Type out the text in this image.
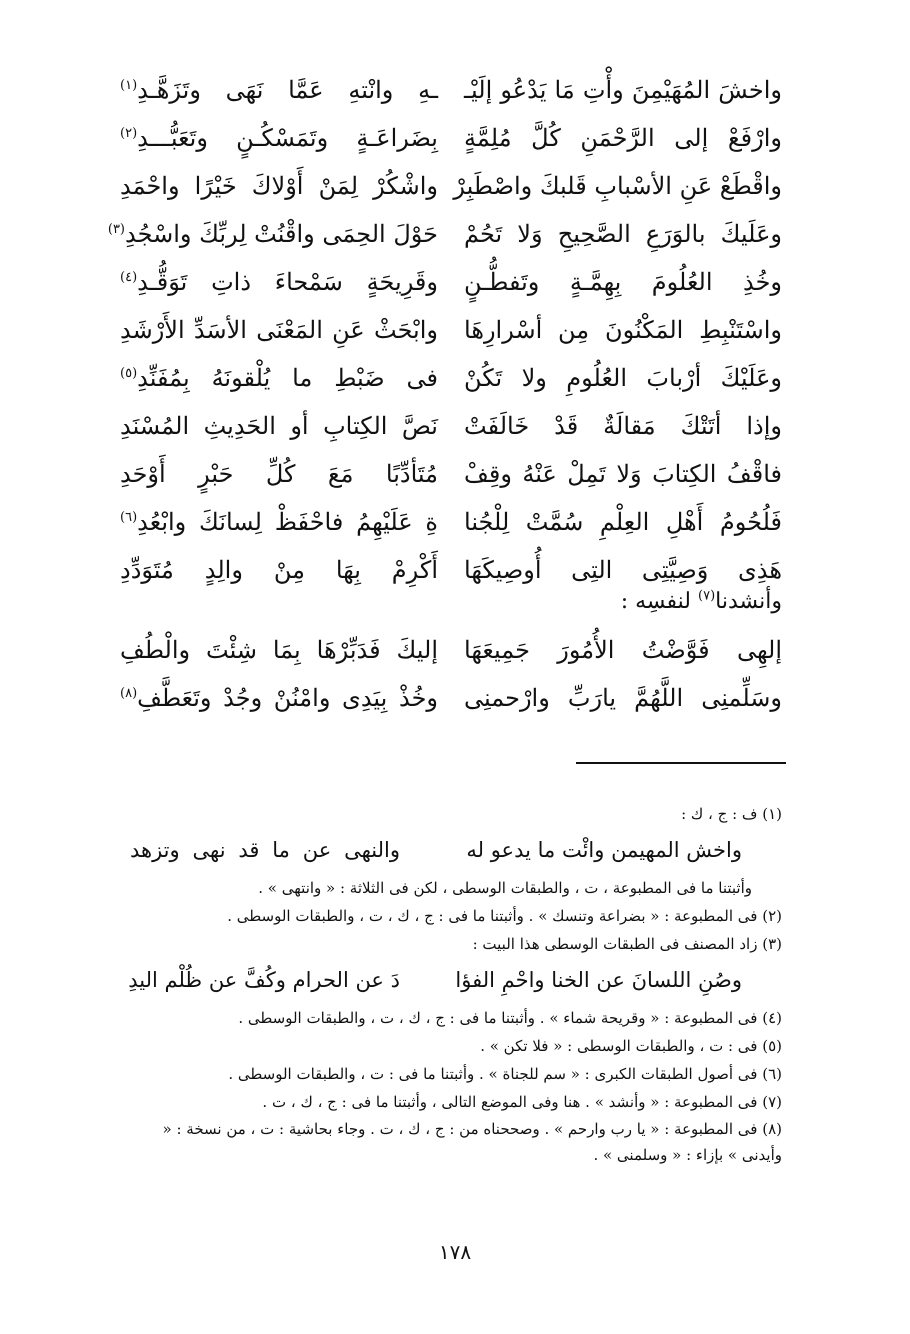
واخشَ المُهَيْمِنَ وأْتِ مَا يَدْعُو إلَيْـ
ـهِ وانْتهِ عَمَّا نَهَى وتَزَهَّـدِ$^{(١)}$
وارْفَعْ إلى الرَّحْمَنِ كُلَّ مُلِمَّةٍ
بِضَراعَـةٍ وتَمَسْكُـنٍ وتَعَبُّـــدِ$^{(٢)}$
واقْطَعْ عَنِ الأسْبابِ قَلبكَ واصْطَبِرْ
واشْكُرْ لِمَنْ أَوْلاكَ خَيْرًا واحْمَدِ
وعَلَيكَ بالوَرَعِ الصَّحِيحِ وَلا تَحُمْ
حَوْلَ الحِمَى واقْنُتْ لِربِّكَ واسْجُدِ$^{(٣)}$
وخُذِ العُلُومَ بِهِمَّـةٍ وتَفطُّـنٍ
وقَرِيحَةٍ سَمْحاءَ ذاتِ تَوَقُّـدِ$^{(٤)}$
واسْتَنْبِطِ المَكْنُونَ مِن أسْرارِهَا
وابْحَثْ عَنِ المَعْنَى الأسَدِّ الأَرْشَدِ
وعَلَيْكَ أرْبابَ العُلُومِ ولا تَكُنْ
فى ضَبْطِ ما يُلْقونَهُ بِمُفَنِّدِ$^{(٥)}$
وإذا أتَتْكَ مَقالَةٌ قَدْ خَالَفَتْ
نَصَّ الكِتابِ أو الحَدِيثِ المُسْنَدِ
فاقْفُ الكِتابَ وَلا تَمِلْ عَنْهُ وقِفْ
مُتَأدِّبًا مَعَ كُلِّ حَبْرٍ أَوْحَدِ
فَلُحُومُ أَهْلِ العِلْمِ سُمَّتْ لِلْجُنا
ةِ عَلَيْهِمُ فاحْفَظْ لِسانَكَ وابْعُدِ$^{(٦)}$
هَذِى وَصِيَّتِى التِى أُوصِيكَهَا
أَكْرِمْ بِهَا مِنْ والِدٍ مُتَوَدِّدِ
وأنشدنا$^{(٧)}$ لنفسِه :
إلهِى فَوَّضْتُ الأُمُورَ جَمِيعَهَا
إليكَ فَدَبِّرْهَا بِمَا شِئْتَ والْطُفِ
وسَلِّمنِى اللَّهُمَّ يارَبِّ وارْحمنِى
وخُذْ بِيَدِى وامْنُنْ وجُدْ وتَعَطَّفِ$^{(٨)}$
(١) ف : ج ، ك :
واخش المهيمن وائْت ما يدعو له
والنهى عن ما قد نهى وتزهد
وأثبتنا ما فى المطبوعة ، ت ، والطبقات الوسطى ، لكن فى الثلاثة : « وانتهى » .
(٢) فى المطبوعة : « بضراعة وتنسك » . وأثبتنا ما فى : ج ، ك ، ت ، والطبقات الوسطى .
(٣) زاد المصنف فى الطبقات الوسطى هذا البيت :
وصُنِ اللسانَ عن الخنا واحْمِ الفؤا
دَ عن الحرام وكُفَّ عن ظُلْم اليدِ
(٤) فى المطبوعة : « وقريحة شماء » . وأثبتنا ما فى : ج ، ك ، ت ، والطبقات الوسطى .
(٥) فى : ت ، والطبقات الوسطى : « فلا تكن » .
(٦) فى أصول الطبقات الكبرى : « سم للجناة » . وأثبتنا ما فى : ت ، والطبقات الوسطى .
(٧) فى المطبوعة : « وأنشد » . هنا وفى الموضع التالى ، وأثبتنا ما فى : ج ، ك ، ت .
(٨) فى المطبوعة : « يا رب وارحم » . وصححناه من : ج ، ك ، ت . وجاء بحاشية : ت ، من نسخة : « وأيدنى » بإزاء : « وسلمنى » .
١٧٨
